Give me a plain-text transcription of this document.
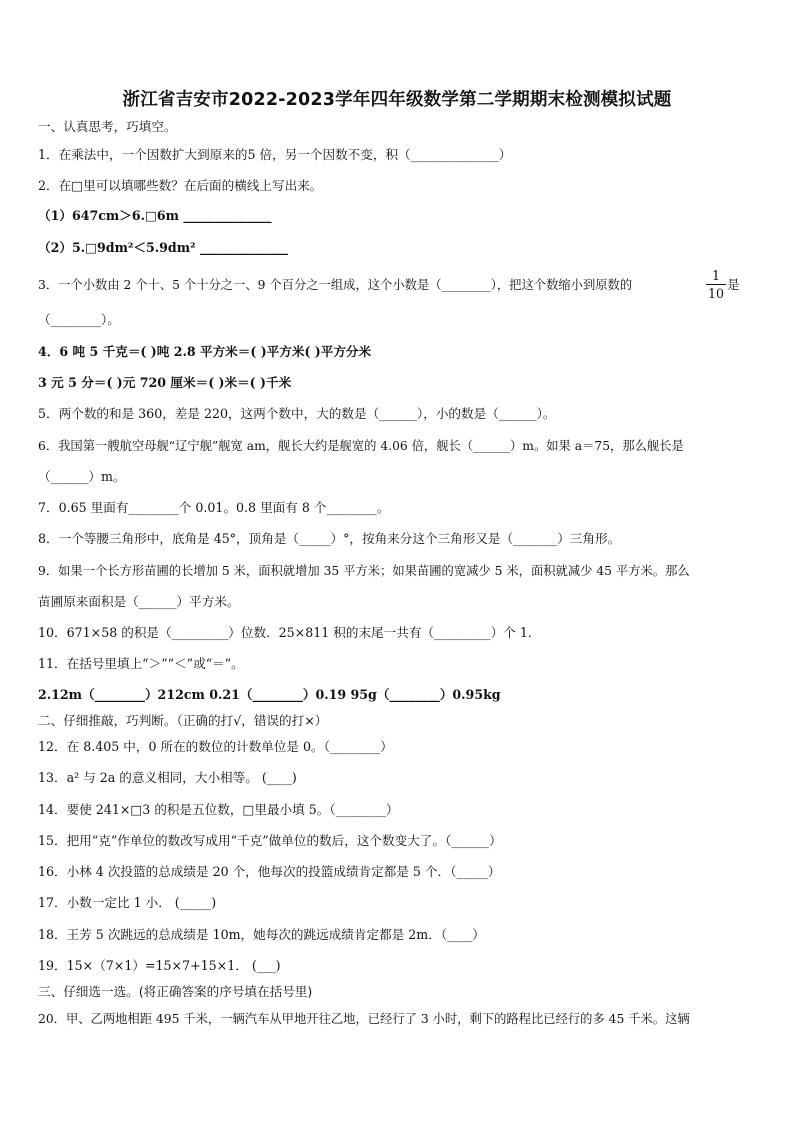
浙江省吉安市2022-2023学年四年级数学第二学期期末检测模拟试题
一、认真思考，巧填空。
1．在乘法中，一个因数扩大到原来的5 倍，另一个因数不变，积（______________）
2．在□里可以填哪些数？在后面的横线上写出来。
（1）647cm＞6.□6m ______________
（2）5.□9dm²＜5.9dm² ______________
3．一个小数由 2 个十、5 个十分之一、9 个百分之一组成，这个小数是（________），把这个数缩小到原数的	$\frac{1}{10}$ 是
（________）。
4．6 吨 5 千克＝( )吨 2.8 平方米＝( )平方米( )平方分米
3 元 5 分＝( )元 720 厘米＝( )米＝( )千米
5．两个数的和是 360，差是 220，这两个数中，大的数是（______），小的数是（______）。
6．我国第一艘航空母舰“辽宁舰”舰宽 am，舰长大约是舰宽的 4.06 倍，舰长（______）m。如果 a＝75，那么舰长是
（______）m。
7．0.65 里面有________个 0.01。0.8 里面有 8 个________。
8．一个等腰三角形中，底角是 45°，顶角是（_____）°，按角来分这个三角形又是（_______）三角形。
9．如果一个长方形苗圃的长增加 5 米，面积就增加 35 平方米；如果苗圃的宽减少 5 米，面积就减少 45 平方米。那么
苗圃原来面积是（______）平方米。
10．671×58 的积是（_________）位数．25×811 积的末尾一共有（_________）个 1．
11．在括号里填上“＞”“＜”或“＝”。
2.12m（________）212cm 0.21（________）0.19 95g（________）0.95kg
二、仔细推敲，巧判断。（正确的打√，错误的打×）
12．在 8.405 中，0 所在的数位的计数单位是 0。（________）
13．a² 与 2a 的意义相同，大小相等。 (____)
14．要使 241×□3 的积是五位数，□里最小填 5。（________）
15．把用“克”作单位的数改写成用“千克”做单位的数后，这个数变大了。（______）
16．小林 4 次投篮的总成绩是 20 个，他每次的投篮成绩肯定都是 5 个．（_____）
17．小数一定比 1 小． (_____)
18．王芳 5 次跳远的总成绩是 10m，她每次的跳远成绩肯定都是 2m．（____）
19．15×（7×1）=15×7+15×1． (___)
三、仔细选一选。(将正确答案的序号填在括号里)
20．甲、乙两地相距 495 千米，一辆汽车从甲地开往乙地，已经行了 3 小时，剩下的路程比已经行的多 45 千米。这辆
